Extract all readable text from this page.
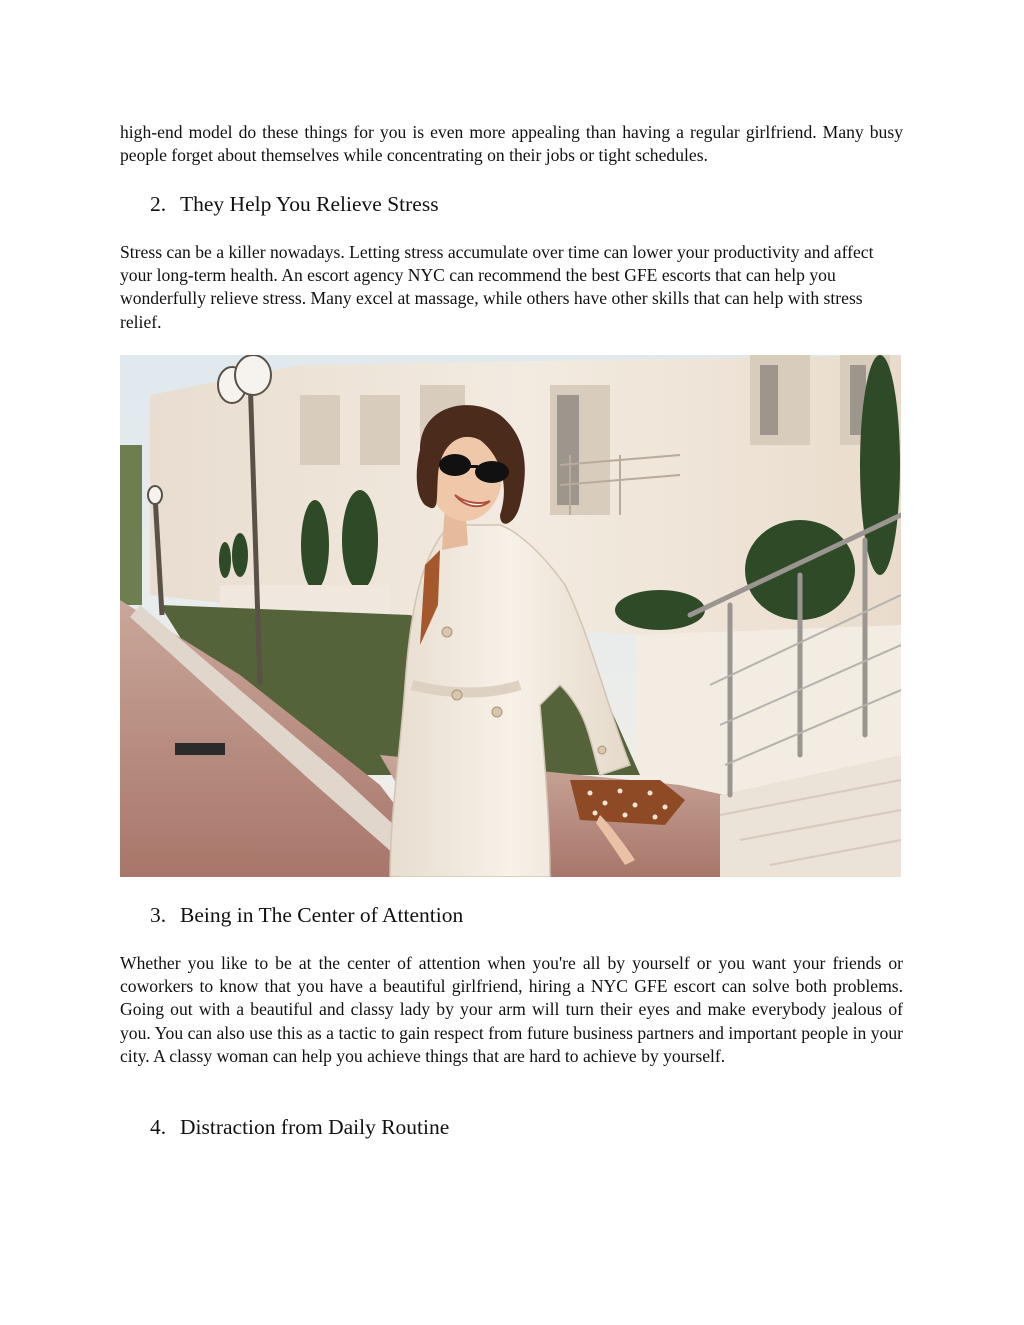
high-end model do these things for you is even more appealing than having a regular girlfriend. Many busy people forget about themselves while concentrating on their jobs or tight schedules.

2. They Help You Relieve Stress

Stress can be a killer nowadays. Letting stress accumulate over time can lower your productivity and affect your long-term health. An escort agency NYC can recommend the best GFE escorts that can help you wonderfully relieve stress. Many excel at massage, while others have other skills that can help with stress relief.

3. Being in The Center of Attention

Whether you like to be at the center of attention when you're all by yourself or you want your friends or coworkers to know that you have a beautiful girlfriend, hiring a NYC GFE escort can solve both problems. Going out with a beautiful and classy lady by your arm will turn their eyes and make everybody jealous of you. You can also use this as a tactic to gain respect from future business partners and important people in your city. A classy woman can help you achieve things that are hard to achieve by yourself.

4. Distraction from Daily Routine
